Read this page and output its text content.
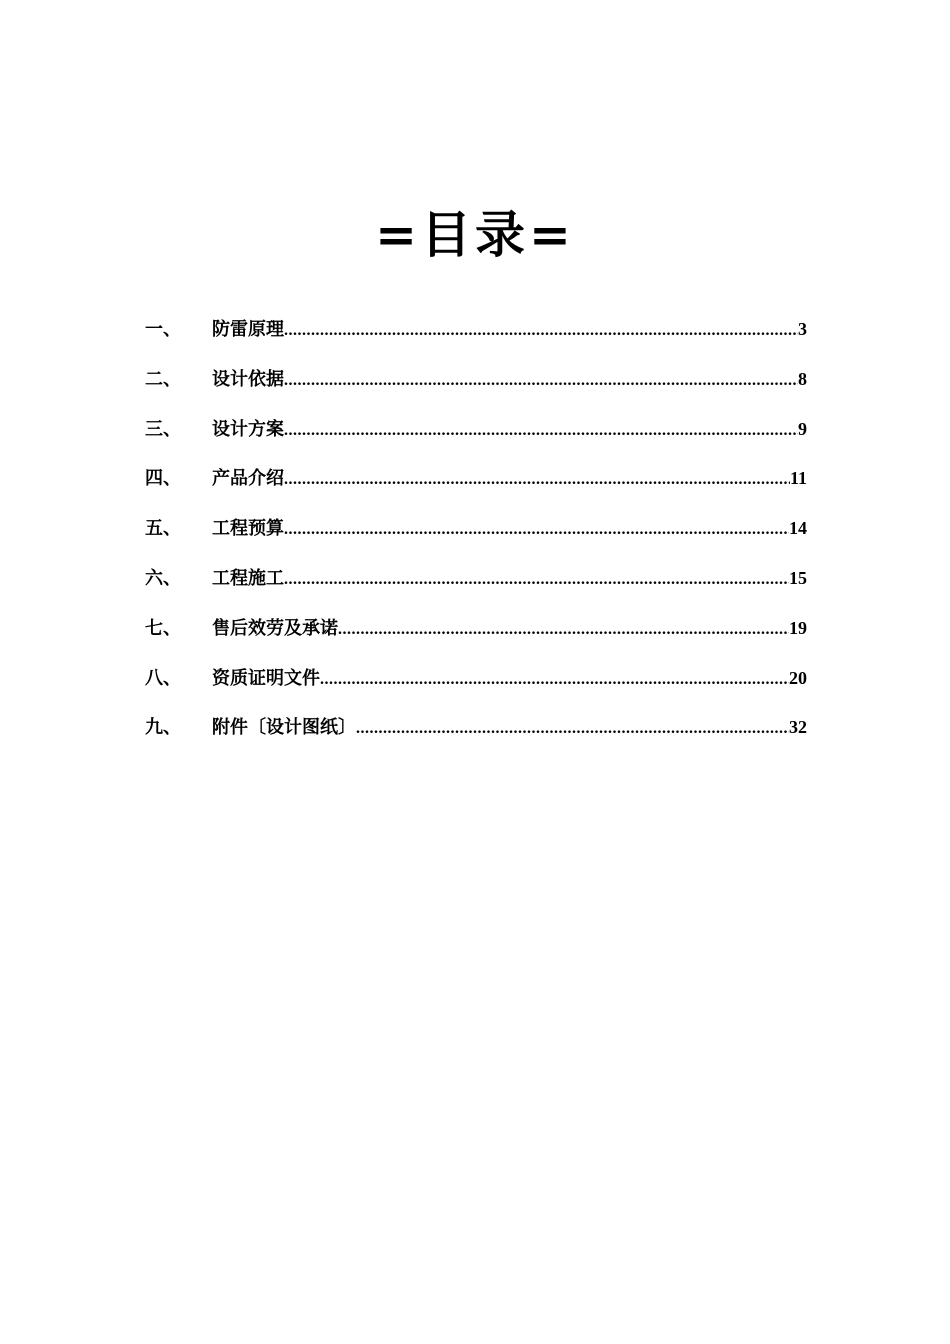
=目录=
一、	防雷原理 .....	3
二、	设计依据 .....	8
三、	设计方案 .....	9
四、	产品介绍 .....	11
五、	工程预算 .....	14
六、	工程施工 .....	15
七、	售后效劳及承诺 .....	19
八、	资质证明文件 .....	20
九、	附件〔设计图纸〕 .....	32
